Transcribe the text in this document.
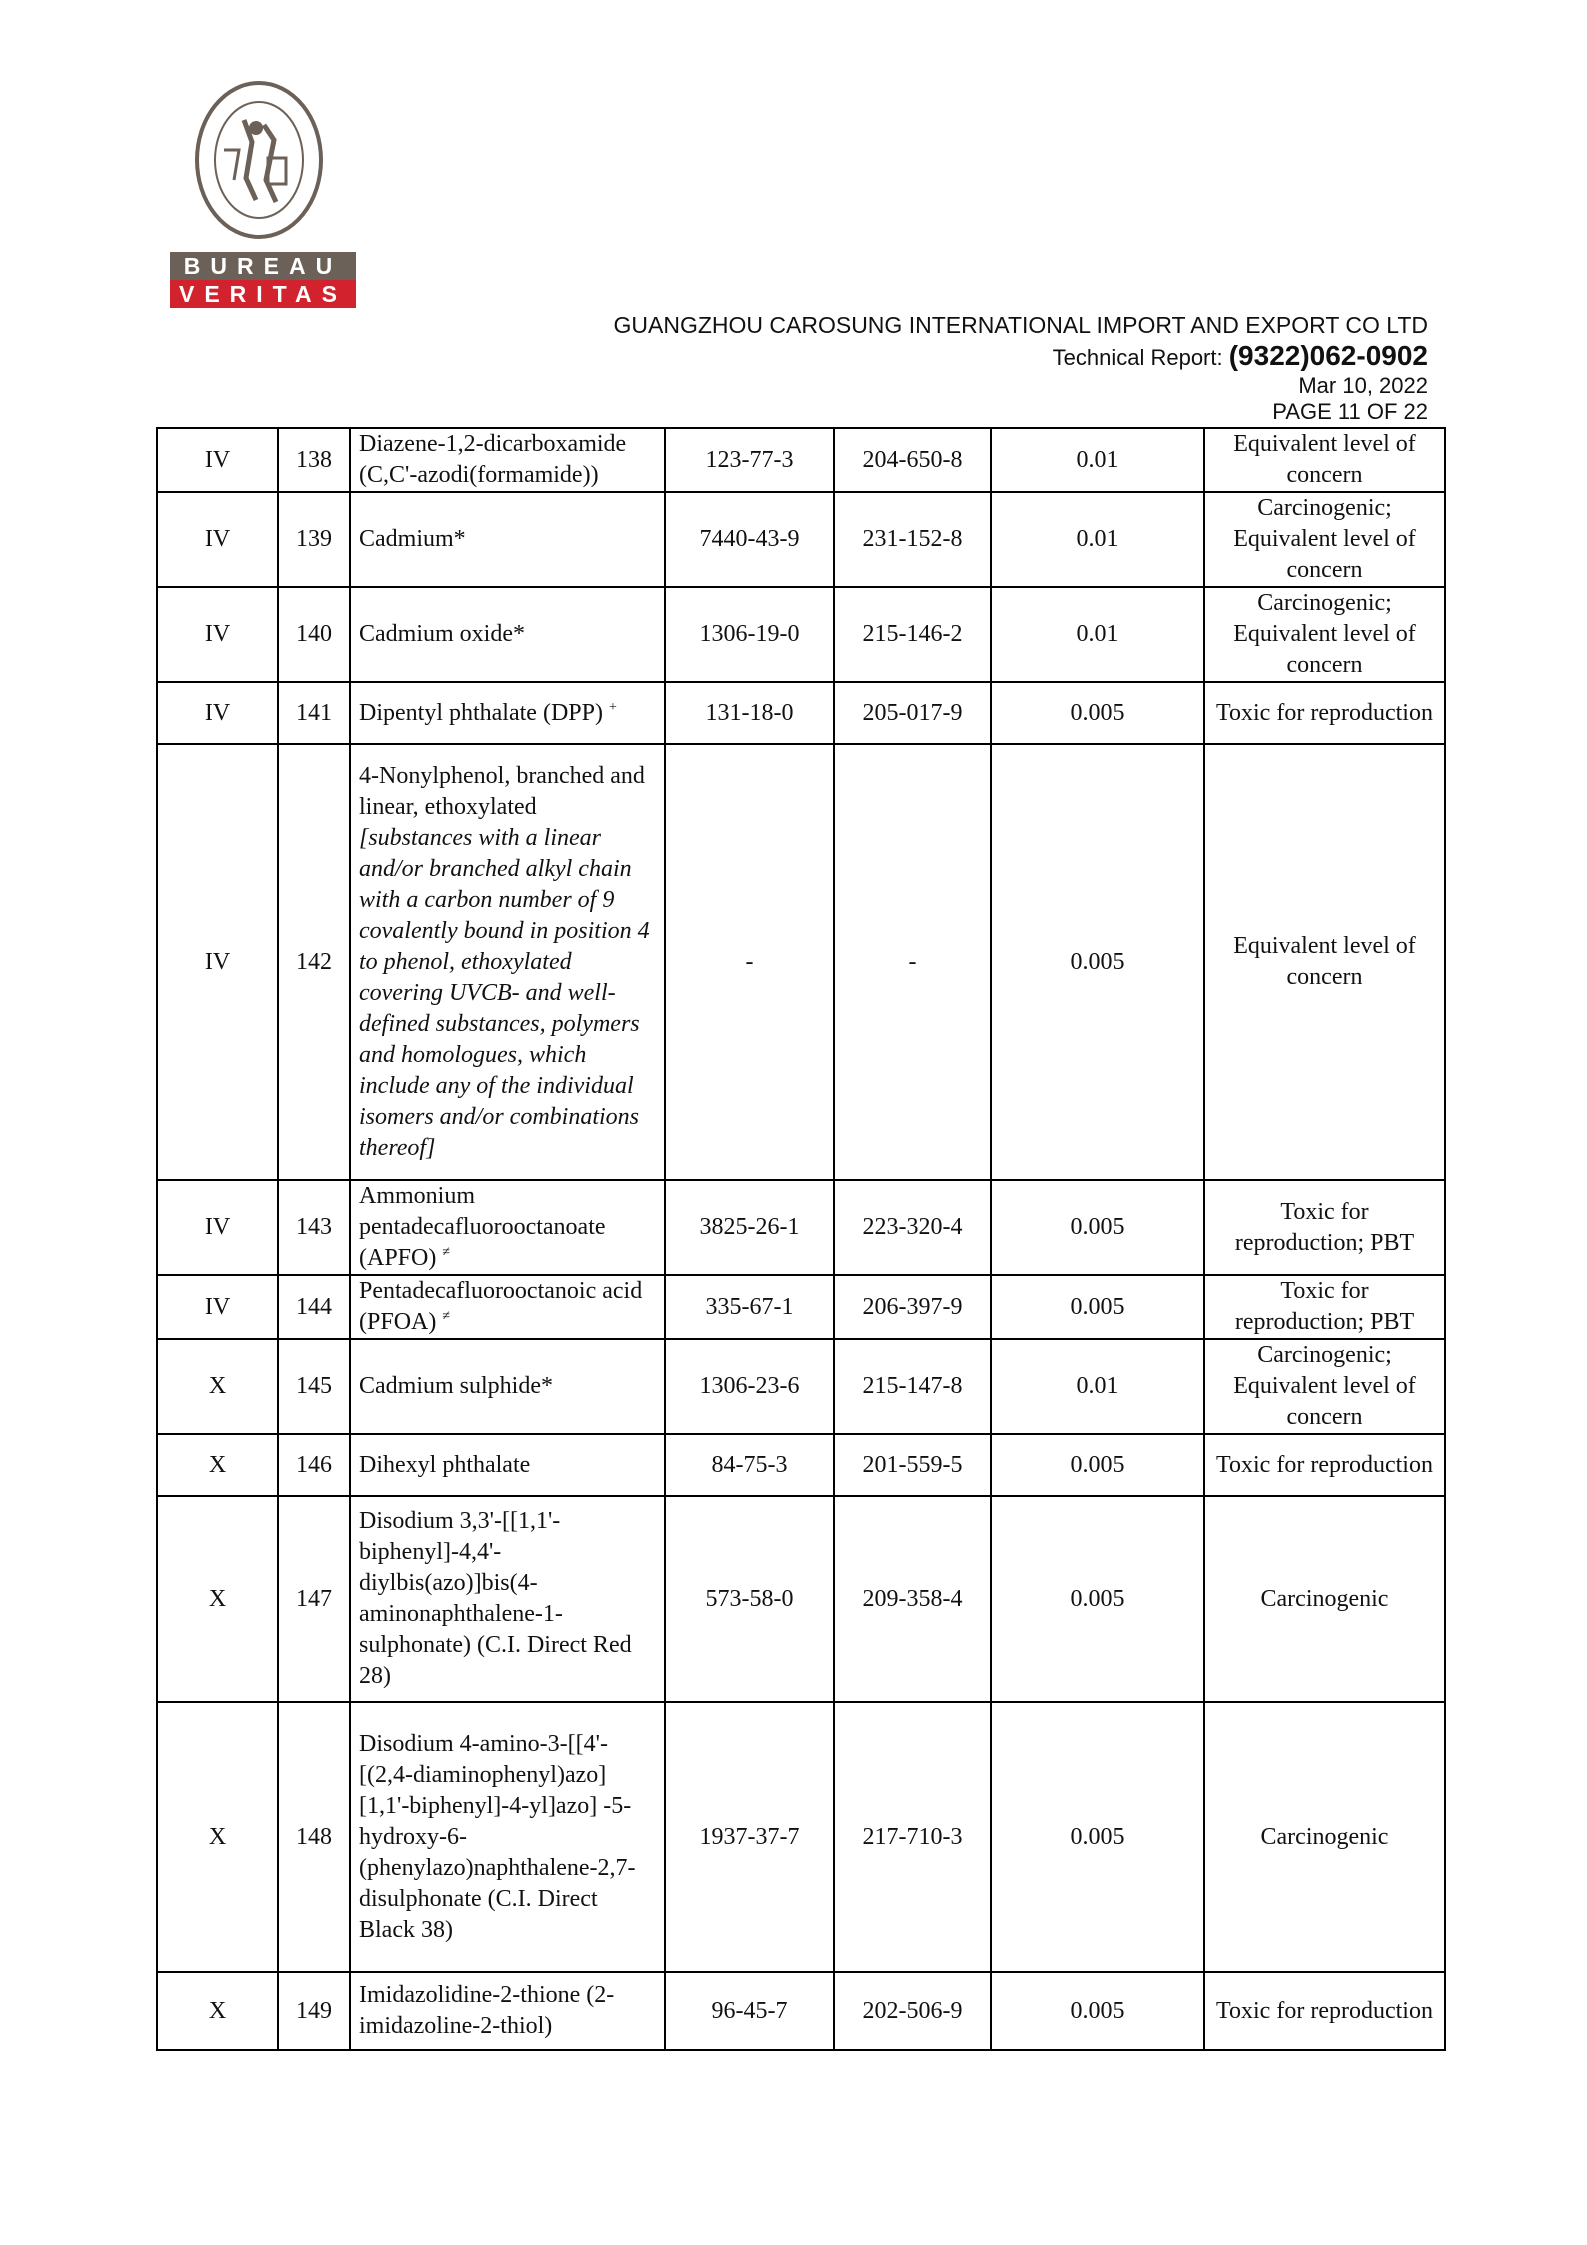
BUREAU
VERITAS
GUANGZHOU CAROSUNG INTERNATIONAL IMPORT AND EXPORT CO LTD
Technical Report: (9322)062-0902
Mar 10, 2022
PAGE 11 OF 22
IV	138	Diazene-1,2-dicarboxamide (C,C'-azodi(formamide))	123-77-3	204-650-8	0.01	Equivalent level of concern
IV	139	Cadmium*	7440-43-9	231-152-8	0.01	Carcinogenic; Equivalent level of concern
IV	140	Cadmium oxide*	1306-19-0	215-146-2	0.01	Carcinogenic; Equivalent level of concern
IV	141	Dipentyl phthalate (DPP) +	131-18-0	205-017-9	0.005	Toxic for reproduction
IV	142	4-Nonylphenol, branched and linear, ethoxylated
[substances with a linear and/or branched alkyl chain with a carbon number of 9 covalently bound in position 4 to phenol, ethoxylated covering UVCB- and well-defined substances, polymers and homologues, which include any of the individual isomers and/or combinations thereof]	-	-	0.005	Equivalent level of concern
IV	143	Ammonium pentadecafluorooctanoate (APFO) ≠	3825-26-1	223-320-4	0.005	Toxic for reproduction; PBT
IV	144	Pentadecafluorooctanoic acid (PFOA) ≠	335-67-1	206-397-9	0.005	Toxic for reproduction; PBT
X	145	Cadmium sulphide*	1306-23-6	215-147-8	0.01	Carcinogenic; Equivalent level of concern
X	146	Dihexyl phthalate	84-75-3	201-559-5	0.005	Toxic for reproduction
X	147	Disodium 3,3'-[[1,1'-biphenyl]-4,4'-diylbis(azo)]bis(4-aminonaphthalene-1-sulphonate) (C.I. Direct Red 28)	573-58-0	209-358-4	0.005	Carcinogenic
X	148	Disodium 4-amino-3-[[4'-[(2,4-diaminophenyl)azo][1,1'-biphenyl]-4-yl]azo] -5-hydroxy-6-(phenylazo)naphthalene-2,7-disulphonate (C.I. Direct Black 38)	1937-37-7	217-710-3	0.005	Carcinogenic
X	149	Imidazolidine-2-thione (2-imidazoline-2-thiol)	96-45-7	202-506-9	0.005	Toxic for reproduction
